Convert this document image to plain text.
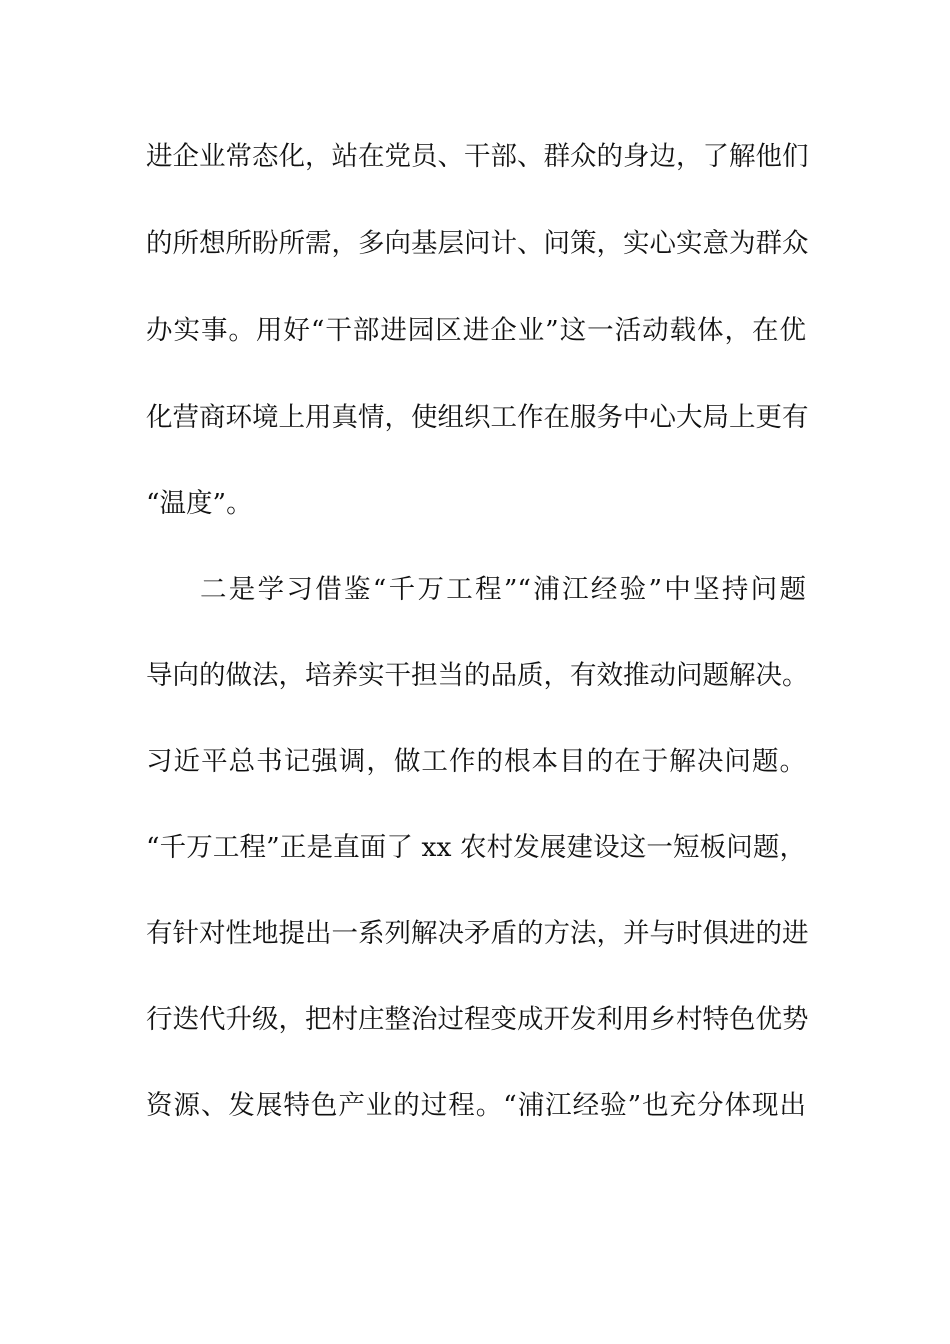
进企业常态化，站在党员、干部、群众的身边，了解他们
的所想所盼所需，多向基层问计、问策，实心实意为群众
办实事。用好“干部进园区进企业”这一活动载体，在优
化营商环境上用真情，使组织工作在服务中心大局上更有
“温度”。
二是学习借鉴“千万工程”“浦江经验”中坚持问题
导向的做法，培养实干担当的品质，有效推动问题解决。
习近平总书记强调，做工作的根本目的在于解决问题。
“千万工程”正是直面了 xx 农村发展建设这一短板问题，
有针对性地提出一系列解决矛盾的方法，并与时俱进的进
行迭代升级，把村庄整治过程变成开发利用乡村特色优势
资源、发展特色产业的过程。“浦江经验”也充分体现出
